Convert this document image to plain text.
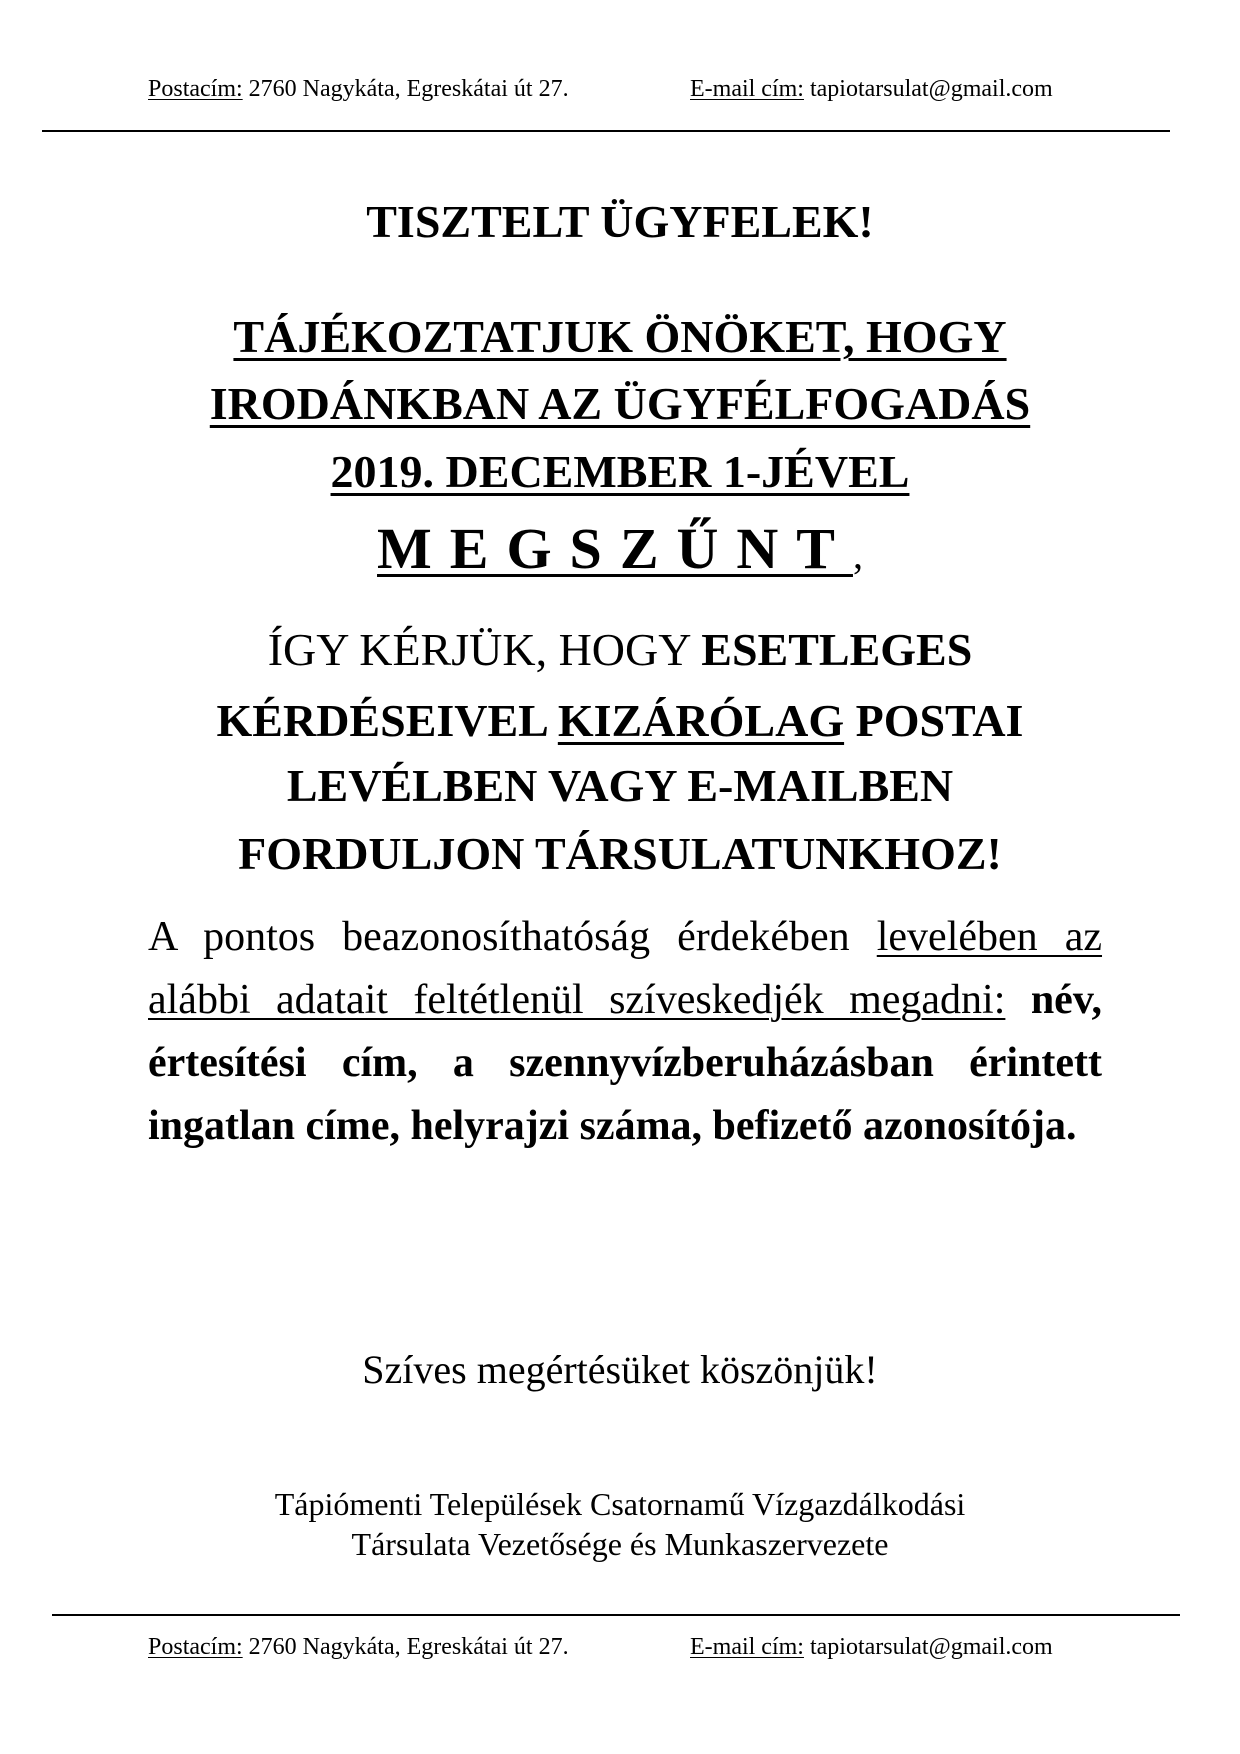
Postacím: 2760 Nagykáta, Egreskátai út 27.	E-mail cím: tapiotarsulat@gmail.com
TISZTELT ÜGYFELEK!
TÁJÉKOZTATJUK ÖNÖKET, HOGY
IRODÁNKBAN AZ ÜGYFÉLFOGADÁS
2019. DECEMBER 1-JÉVEL
MEGSZŰNT,
ÍGY KÉRJÜK, HOGY ESETLEGES
KÉRDÉSEIVEL KIZÁRÓLAG POSTAI
LEVÉLBEN VAGY E-MAILBEN
FORDULJON TÁRSULATUNKHOZ!
A pontos beazonosíthatóság érdekében levelében az alábbi adatait feltétlenül szíveskedjék megadni: név, értesítési cím, a szennyvízberuházásban érintett ingatlan címe, helyrajzi száma, befizető azonosítója.
Szíves megértésüket köszönjük!
Tápiómenti Települések Csatornamű Vízgazdálkodási
Társulata Vezetősége és Munkaszervezete
Postacím: 2760 Nagykáta, Egreskátai út 27.	E-mail cím: tapiotarsulat@gmail.com
